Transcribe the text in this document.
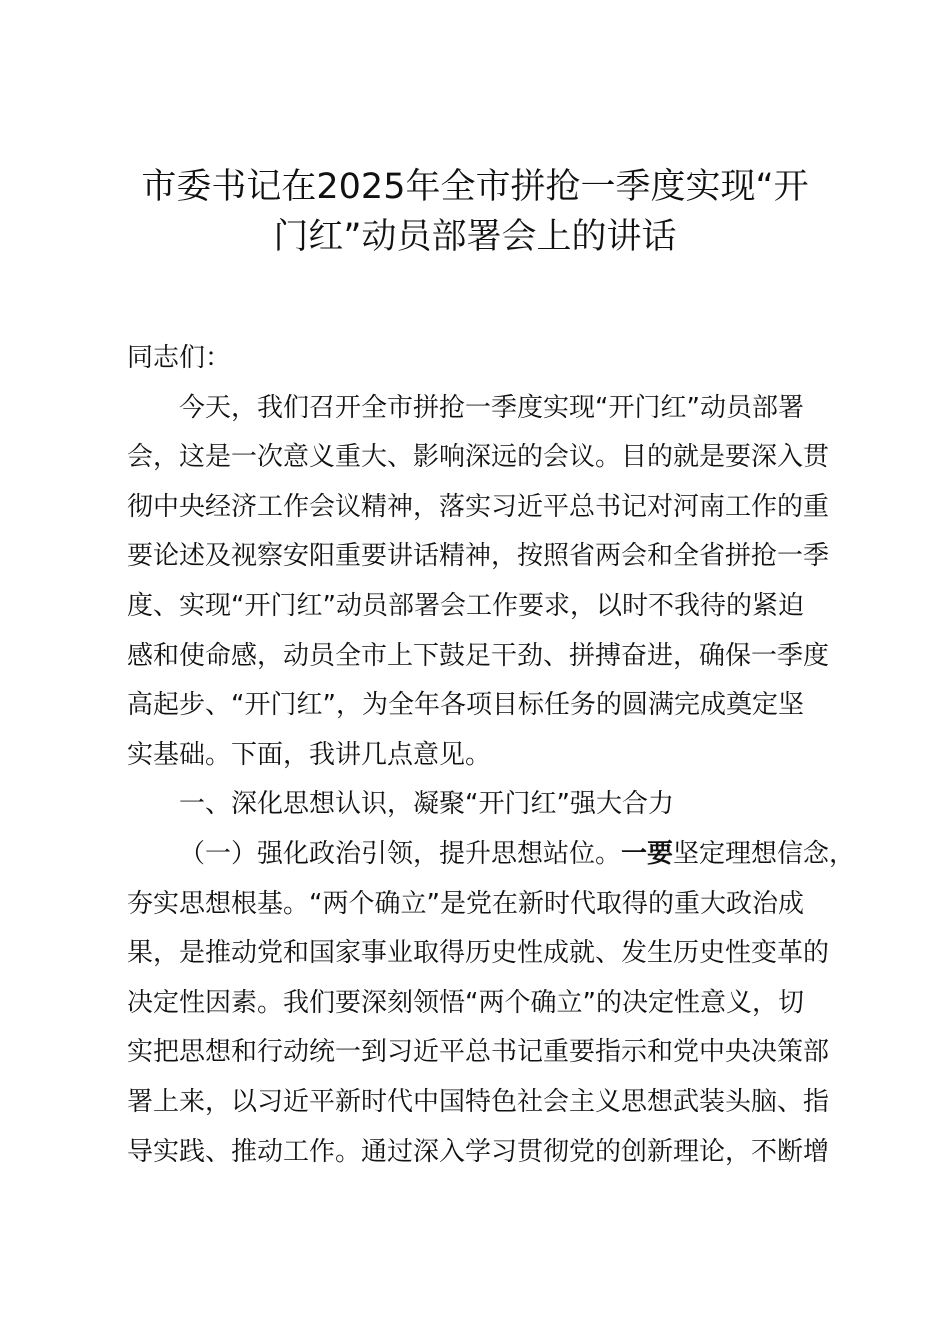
市委书记在2025年全市拼抢一季度实现“开
门红”动员部署会上的讲话
同志们：
今天，我们召开全市拼抢一季度实现“开门红”动员部署
会，这是一次意义重大、影响深远的会议。目的就是要深入贯
彻中央经济工作会议精神，落实习近平总书记对河南工作的重
要论述及视察安阳重要讲话精神，按照省两会和全省拼抢一季
度、实现“开门红”动员部署会工作要求，以时不我待的紧迫
感和使命感，动员全市上下鼓足干劲、拼搏奋进，确保一季度
高起步、“开门红”，为全年各项目标任务的圆满完成奠定坚
实基础。下面，我讲几点意见。
一、深化思想认识，凝聚“开门红”强大合力
（一）强化政治引领，提升思想站位。一要坚定理想信念，
夯实思想根基。“两个确立”是党在新时代取得的重大政治成
果，是推动党和国家事业取得历史性成就、发生历史性变革的
决定性因素。我们要深刻领悟“两个确立”的决定性意义，切
实把思想和行动统一到习近平总书记重要指示和党中央决策部
署上来，以习近平新时代中国特色社会主义思想武装头脑、指
导实践、推动工作。通过深入学习贯彻党的创新理论，不断增
